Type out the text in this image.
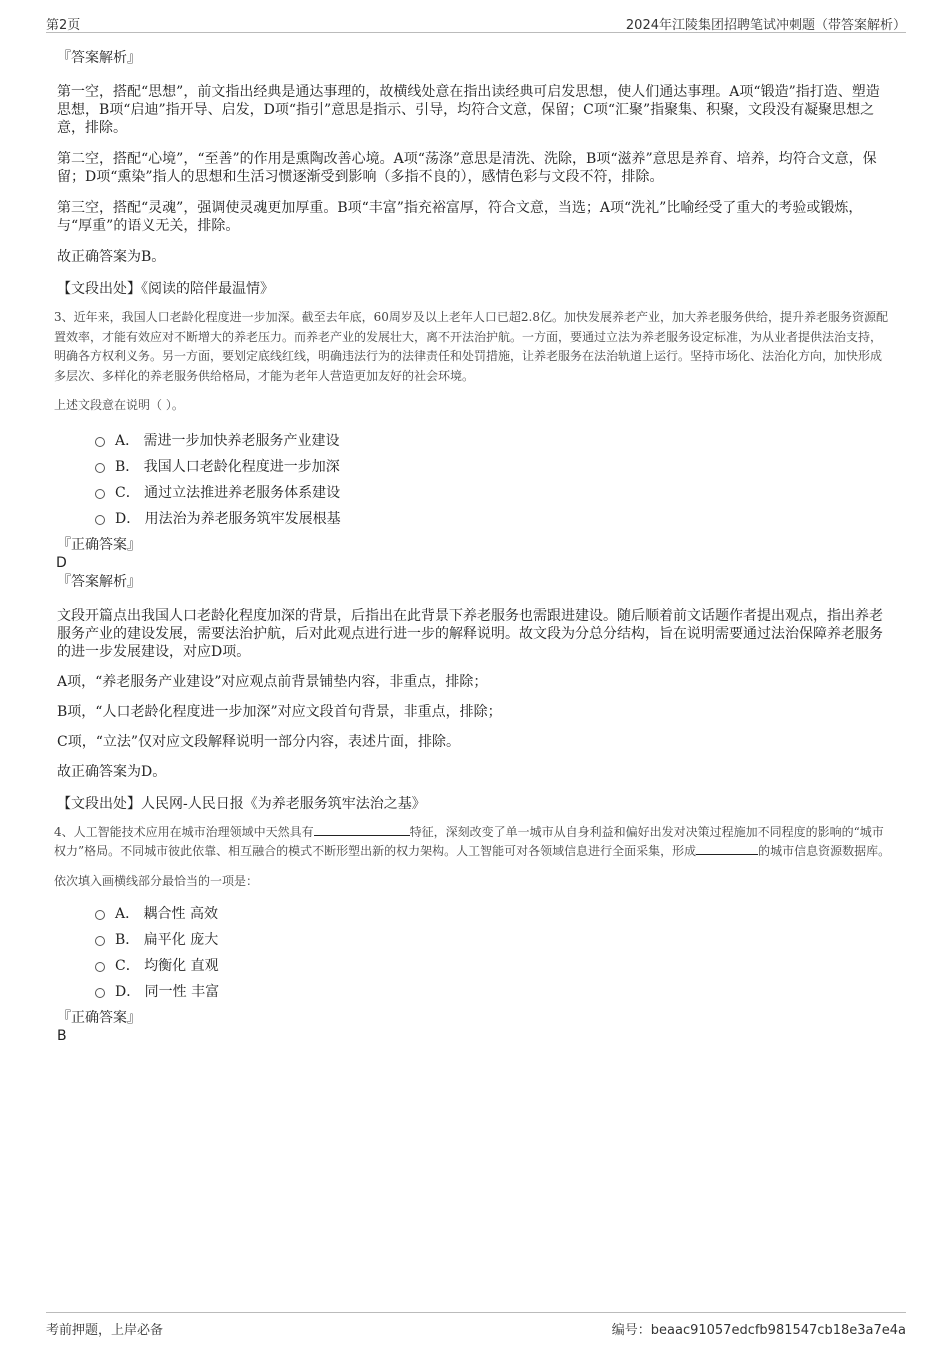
第2页	2024年江陵集团招聘笔试冲刺题（带答案解析）

『答案解析』

第一空，搭配“思想”，前文指出经典是通达事理的，故横线处意在指出读经典可启发思想，使人们通达事理。A项“锻造”指打造、塑造思想，B项“启迪”指开导、启发，D项“指引”意思是指示、引导，均符合文意，保留；C项“汇聚”指聚集、积聚，文段没有凝聚思想之意，排除。

第二空，搭配“心境”，“至善”的作用是熏陶改善心境。A项“荡涤”意思是清洗、洗除，B项“滋养”意思是养育、培养，均符合文意，保留；D项“熏染”指人的思想和生活习惯逐渐受到影响（多指不良的），感情色彩与文段不符，排除。

第三空，搭配“灵魂”，强调使灵魂更加厚重。B项“丰富”指充裕富厚，符合文意，当选；A项“洗礼”比喻经受了重大的考验或锻炼，与“厚重”的语义无关，排除。

故正确答案为B。

【文段出处】《阅读的陪伴最温情》

3、近年来，我国人口老龄化程度进一步加深。截至去年底，60周岁及以上老年人口已超2.8亿。加快发展养老产业，加大养老服务供给，提升养老服务资源配置效率，才能有效应对不断增大的养老压力。而养老产业的发展壮大，离不开法治护航。一方面，要通过立法为养老服务设定标准，为从业者提供法治支持，明确各方权利义务。另一方面，要划定底线红线，明确违法行为的法律责任和处罚措施，让养老服务在法治轨道上运行。坚持市场化、法治化方向，加快形成多层次、多样化的养老服务供给格局，才能为老年人营造更加友好的社会环境。

上述文段意在说明（ ）。

A． 需进一步加快养老服务产业建设
B． 我国人口老龄化程度进一步加深
C． 通过立法推进养老服务体系建设
D． 用法治为养老服务筑牢发展根基

『正确答案』

D

『答案解析』

文段开篇点出我国人口老龄化程度加深的背景，后指出在此背景下养老服务也需跟进建设。随后顺着前文话题作者提出观点，指出养老服务产业的建设发展，需要法治护航，后对此观点进行进一步的解释说明。故文段为分总分结构，旨在说明需要通过法治保障养老服务的进一步发展建设，对应D项。

A项，“养老服务产业建设”对应观点前背景铺垫内容，非重点，排除；

B项，“人口老龄化程度进一步加深”对应文段首句背景，非重点，排除；

C项，“立法”仅对应文段解释说明一部分内容，表述片面，排除。

故正确答案为D。

【文段出处】人民网-人民日报《为养老服务筑牢法治之基》

4、人工智能技术应用在城市治理领域中天然具有	特征，深刻改变了单一城市从自身利益和偏好出发对决策过程施加不同程度的影响的“城市权力”格局。不同城市彼此依靠、相互融合的模式不断形塑出新的权力架构。人工智能可对各领域信息进行全面采集，形成	的城市信息资源数据库。

依次填入画横线部分最恰当的一项是：

A． 耦合性 高效
B． 扁平化 庞大
C． 均衡化 直观
D． 同一性 丰富

『正确答案』

B

考前押题，上岸必备	编号：beaac91057edcfb981547cb18e3a7e4a
